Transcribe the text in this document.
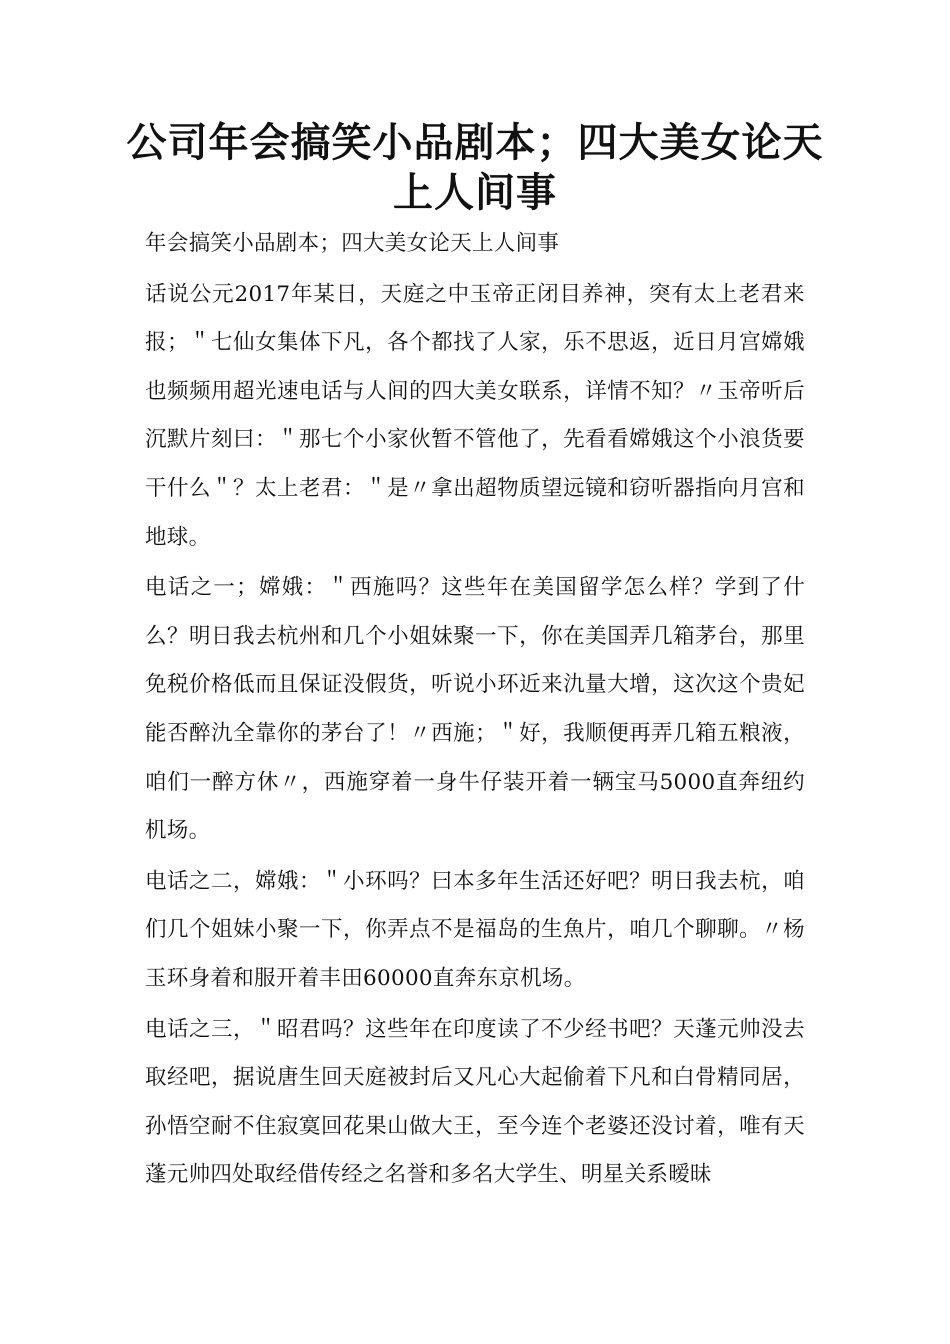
公司年会搞笑小品剧本；四大美女论天上人间事

年会搞笑小品剧本；四大美女论天上人间事

话说公元2017年某日，天庭之中玉帝正闭目养神，突有太上老君来报；＂七仙女集体下凡，各个都找了人家，乐不思返，近日月宫嫦娥也频频用超光速电话与人间的四大美女联系，详情不知？〃玉帝听后沉默片刻曰：＂那七个小家伙暂不管他了，先看看嫦娥这个小浪货要干什么＂？太上老君：＂是〃拿出超物质望远镜和窃听器指向月宫和地球。

电话之一；嫦娥：＂西施吗？这些年在美国留学怎么样？学到了什么？明日我去杭州和几个小姐妹聚一下，你在美国弄几箱茅台，那里免税价格低而且保证没假货，听说小环近来氿量大增，这次这个贵妃能否醉氿全靠你的茅台了！〃西施；＂好，我顺便再弄几箱五粮液，咱们一醉方休〃，西施穿着一身牛仔装开着一辆宝马5000直奔纽约机场。

电话之二，嫦娥：＂小环吗？曰本多年生活还好吧？明日我去杭，咱们几个姐妹小聚一下，你弄点不是福岛的生魚片，咱几个聊聊。〃杨玉环身着和服开着丰田60000直奔东京机场。

电话之三，＂昭君吗？这些年在印度读了不少经书吧？天蓬元帅没去取经吧，据说唐生回天庭被封后又凡心大起偷着下凡和白骨精同居，孙悟空耐不住寂寞回花果山做大王，至今连个老婆还没讨着，唯有天蓬元帅四处取经借传经之名誉和多名大学生、明星关系暧昧
